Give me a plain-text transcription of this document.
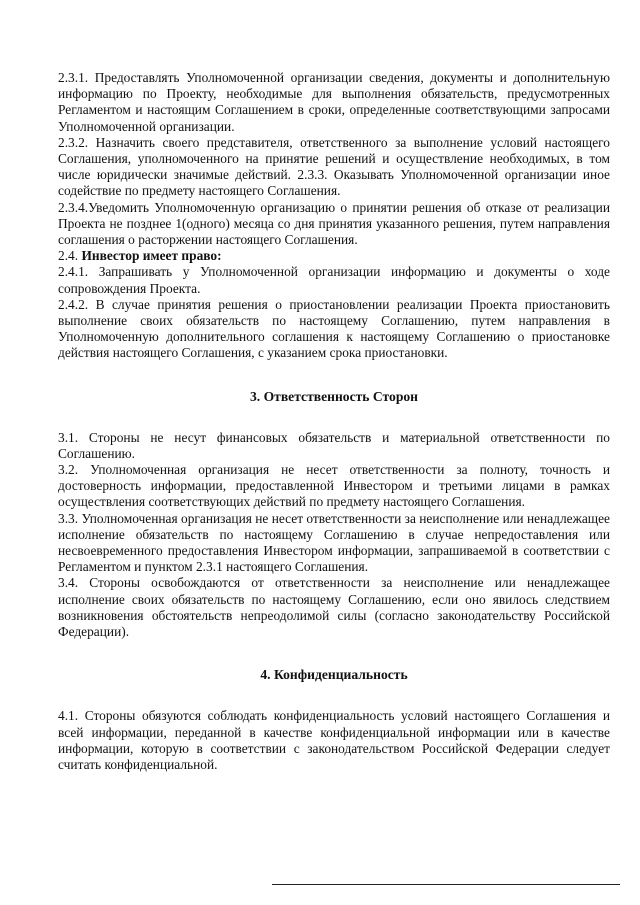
2.3.1. Предоставлять Уполномоченной организации сведения, документы и дополнительную информацию по Проекту, необходимые для выполнения обязательств, предусмотренных Регламентом и настоящим Соглашением в сроки, определенные соответствующими запросами Уполномоченной организации.

2.3.2. Назначить своего представителя, ответственного за выполнение условий настоящего Соглашения, уполномоченного на принятие решений и осуществление необходимых, в том числе юридически значимые действий. 2.3.3. Оказывать Уполномоченной организации иное содействие по предмету настоящего Соглашения.

2.3.4.Уведомить Уполномоченную организацию о принятии решения об отказе от реализации Проекта не позднее 1(одного) месяца со дня принятия указанного решения, путем направления соглашения о расторжении настоящего Соглашения.

2.4. Инвестор имеет право:

2.4.1. Запрашивать у Уполномоченной организации информацию и документы о ходе сопровождения Проекта.

2.4.2. В случае принятия решения о приостановлении реализации Проекта приостановить выполнение своих обязательств по настоящему Соглашению, путем направления в Уполномоченную дополнительного соглашения к настоящему Соглашению о приостановке действия настоящего Соглашения, с указанием срока приостановки.

3. Ответственность Сторон

3.1. Стороны не несут финансовых обязательств и материальной ответственности по Соглашению.

3.2. Уполномоченная организация не несет ответственности за полноту, точность и достоверность информации, предоставленной Инвестором и третьими лицами в рамках осуществления соответствующих действий по предмету настоящего Соглашения.

3.3. Уполномоченная организация не несет ответственности за неисполнение или ненадлежащее исполнение обязательств по настоящему Соглашению в случае непредоставления или несвоевременного предоставления Инвестором информации, запрашиваемой в соответствии с Регламентом и пунктом 2.3.1 настоящего Соглашения.

3.4. Стороны освобождаются от ответственности за неисполнение или ненадлежащее исполнение своих обязательств по настоящему Соглашению, если оно явилось следствием возникновения обстоятельств непреодолимой силы (согласно законодательству Российской Федерации).

4. Конфиденциальность

4.1. Стороны обязуются соблюдать конфиденциальность условий настоящего Соглашения и всей информации, переданной в качестве конфиденциальной информации или в качестве информации, которую в соответствии с законодательством Российской Федерации следует считать конфиденциальной.
